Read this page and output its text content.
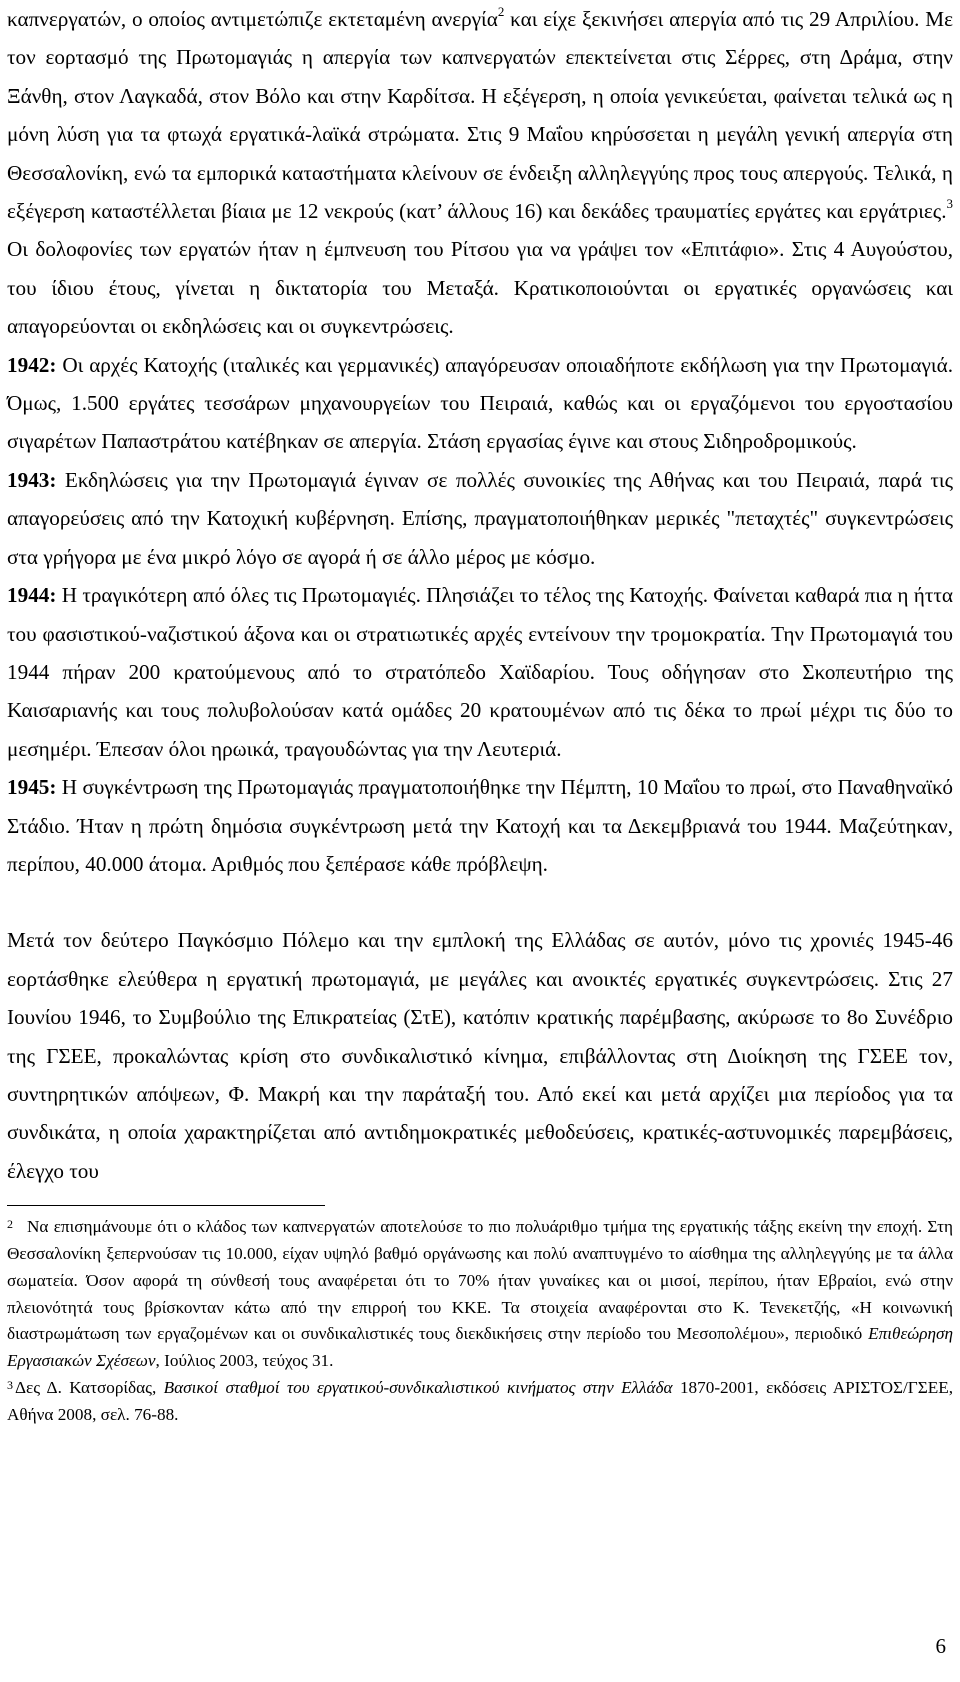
καπνεργατών, ο οποίος αντιμετώπιζε εκτεταμένη ανεργία$^2$ και είχε ξεκινήσει απεργία από τις 29 Απριλίου. Με τον εορτασμό της Πρωτομαγιάς η απεργία των καπνεργατών επεκτείνεται στις Σέρρες, στη Δράμα, στην Ξάνθη, στον Λαγκαδά, στον Βόλο και στην Καρδίτσα. Η εξέγερση, η οποία γενικεύεται, φαίνεται τελικά ως η μόνη λύση για τα φτωχά εργατικά-λαϊκά στρώματα. Στις 9 Μαΐου κηρύσσεται η μεγάλη γενική απεργία στη Θεσσαλονίκη, ενώ τα εμπορικά καταστήματα κλείνουν σε ένδειξη αλληλεγγύης προς τους απεργούς. Τελικά, η εξέγερση καταστέλλεται βίαια με 12 νεκρούς (κατ’ άλλους 16) και δεκάδες τραυματίες εργάτες και εργάτριες.$^3$ Οι δολοφονίες των εργατών ήταν η έμπνευση του Ρίτσου για να γράψει τον «Επιτάφιο». Στις 4 Αυγούστου, του ίδιου έτους, γίνεται η δικτατορία του Μεταξά. Κρατικοποιούνται οι εργατικές οργανώσεις και απαγορεύονται οι εκδηλώσεις και οι συγκεντρώσεις.

1942: Οι αρχές Κατοχής (ιταλικές και γερμανικές) απαγόρευσαν οποιαδήποτε εκδήλωση για την Πρωτομαγιά. Όμως, 1.500 εργάτες τεσσάρων μηχανουργείων του Πειραιά, καθώς και οι εργαζόμενοι του εργοστασίου σιγαρέτων Παπαστράτου κατέβηκαν σε απεργία. Στάση εργασίας έγινε και στους Σιδηροδρομικούς.

1943: Εκδηλώσεις για την Πρωτομαγιά έγιναν σε πολλές συνοικίες της Αθήνας και του Πειραιά, παρά τις απαγορεύσεις από την Κατοχική κυβέρνηση. Επίσης, πραγματοποιήθηκαν μερικές "πεταχτές" συγκεντρώσεις στα γρήγορα με ένα μικρό λόγο σε αγορά ή σε άλλο μέρος με κόσμο.

1944: Η τραγικότερη από όλες τις Πρωτομαγιές. Πλησιάζει το τέλος της Κατοχής. Φαίνεται καθαρά πια η ήττα του φασιστικού-ναζιστικού άξονα και οι στρατιωτικές αρχές εντείνουν την τρομοκρατία. Την Πρωτομαγιά του 1944 πήραν 200 κρατούμενους από το στρατόπεδο Χαϊδαρίου. Τους οδήγησαν στο Σκοπευτήριο της Καισαριανής και τους πολυβολούσαν κατά ομάδες 20 κρατουμένων από τις δέκα το πρωί μέχρι τις δύο το μεσημέρι. Έπεσαν όλοι ηρωικά, τραγουδώντας για την Λευτεριά.

1945: Η συγκέντρωση της Πρωτομαγιάς πραγματοποιήθηκε την Πέμπτη, 10 Μαΐου το πρωί, στο Παναθηναϊκό Στάδιο. Ήταν η πρώτη δημόσια συγκέντρωση μετά την Κατοχή και τα Δεκεμβριανά του 1944. Μαζεύτηκαν, περίπου, 40.000 άτομα. Αριθμός που ξεπέρασε κάθε πρόβλεψη.

Μετά τον δεύτερο Παγκόσμιο Πόλεμο και την εμπλοκή της Ελλάδας σε αυτόν, μόνο τις χρονιές 1945-46 εορτάσθηκε ελεύθερα η εργατική πρωτομαγιά, με μεγάλες και ανοικτές εργατικές συγκεντρώσεις. Στις 27 Ιουνίου 1946, το Συμβούλιο της Επικρατείας (ΣτΕ), κατόπιν κρατικής παρέμβασης, ακύρωσε το 8ο Συνέδριο της ΓΣΕΕ, προκαλώντας κρίση στο συνδικαλιστικό κίνημα, επιβάλλοντας στη Διοίκηση της ΓΣΕΕ τον, συντηρητικών απόψεων, Φ. Μακρή και την παράταξή του. Από εκεί και μετά αρχίζει μια περίοδος για τα συνδικάτα, η οποία χαρακτηρίζεται από αντιδημοκρατικές μεθοδεύσεις, κρατικές-αστυνομικές παρεμβάσεις, έλεγχο του

$^2$ Να επισημάνουμε ότι ο κλάδος των καπνεργατών αποτελούσε το πιο πολυάριθμο τμήμα της εργατικής τάξης εκείνη την εποχή. Στη Θεσσαλονίκη ξεπερνούσαν τις 10.000, είχαν υψηλό βαθμό οργάνωσης και πολύ αναπτυγμένο το αίσθημα της αλληλεγγύης με τα άλλα σωματεία. Όσον αφορά τη σύνθεσή τους αναφέρεται ότι το 70% ήταν γυναίκες και οι μισοί, περίπου, ήταν Εβραίοι, ενώ στην πλειονότητά τους βρίσκονταν κάτω από την επιρροή του ΚΚΕ. Τα στοιχεία αναφέρονται στο Κ. Τενεκετζής, «Η κοινωνική διαστρωμάτωση των εργαζομένων και οι συνδικαλιστικές τους διεκδικήσεις στην περίοδο του Μεσοπολέμου», περιοδικό Επιθεώρηση Εργασιακών Σχέσεων, Ιούλιος 2003, τεύχος 31.

$^3$ Δες Δ. Κατσορίδας, Βασικοί σταθμοί του εργατικού-συνδικαλιστικού κινήματος στην Ελλάδα 1870-2001, εκδόσεις ΑΡΙΣΤΟΣ/ΓΣΕΕ, Αθήνα 2008, σελ. 76-88.

6
